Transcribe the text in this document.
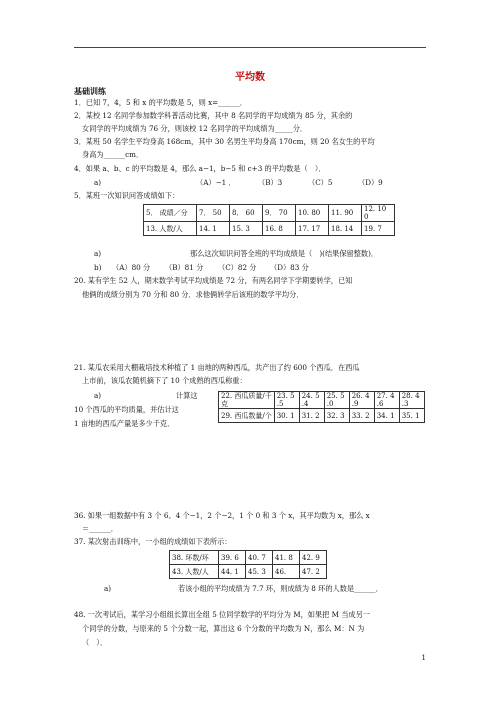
平均数
基础训练
1．已知 7，4，5 和 x 的平均数是 5，则 x=______．
2．某校 12 名同学参加数学科普活动比赛，其中 8 名同学的平均成绩为 85 分，其余的
女同学的平均成绩为 76 分，则该校 12 名同学的平均成绩为_____分．
3．某班 50 名学生平均身高 168cm，其中 30 名男生平均身高 170cm，则 20 名女生的平均
身高为______cm．
4．如果 a、b、c 的平均数是 4，那么 a−1，b−5 和 c+3 的平均数是（　）．
a)	（A）−1 ．	（B）3	（C）5	（D）9
5．某班一次知识问答成绩如下：
5． 成绩／分	7． 50	8． 60	9． 70	10. 80	11. 90	12. 10
0
13. 人数/人	14. 1	15. 3	16. 8	17. 17	18. 14	19. 7
a)	那么这次知识问答全班的平均成绩是（　)(结果保留整数)．
b) （A）80 分 （B）81 分 （C）82 分 （D）83 分
20. 某有学生 52 人，期末数学考试平均成绩是 72 分，有两名同学下学期要转学，已知
他俩的成绩分别为 70 分和 80 分．求他俩转学后该班的数学平均分．
21. 某瓜农采用大棚栽培技术种植了 1 亩地的两种西瓜，共产出了约 600 个西瓜．在西瓜
上市前，该瓜农随机摘下了 10 个成熟的西瓜称重：
a)	计算这
10 个西瓜的平均质量，并估计这
1 亩地的西瓜产量是多少千克．
22. 西瓜质量/千
克	23. 5
.5	24. 5
.4	25. 5
.0	26. 4
.9	27. 4
.6	28. 4
.3
29. 西瓜数量/个	30. 1	31. 2	32. 3	33. 2	34. 1	35. 1
36. 如果一组数据中有 3 个 6、4 个−1，2 个−2，1 个 0 和 3 个 x，其平均数为 x，那么 x
＝______．
37. 某次射击训练中，一小组的成绩如下表所示：
38. 环数/环	39. 6	40. 7	41. 8	42. 9
43. 人数/人	44. 1	45. 3	46.	47. 2
a)	若该小组的平均成绩为 7.7 环，则成绩为 8 环的人数是______．
48. 一次考试后，某学习小组组长算出全组 5 位同学数学的平均分为 M，如果把 M 当成另一
个同学的分数，与原来的 5 个分数一起，算出这 6 个分数的平均数为 N，那么 M：N 为
（　）．
1
